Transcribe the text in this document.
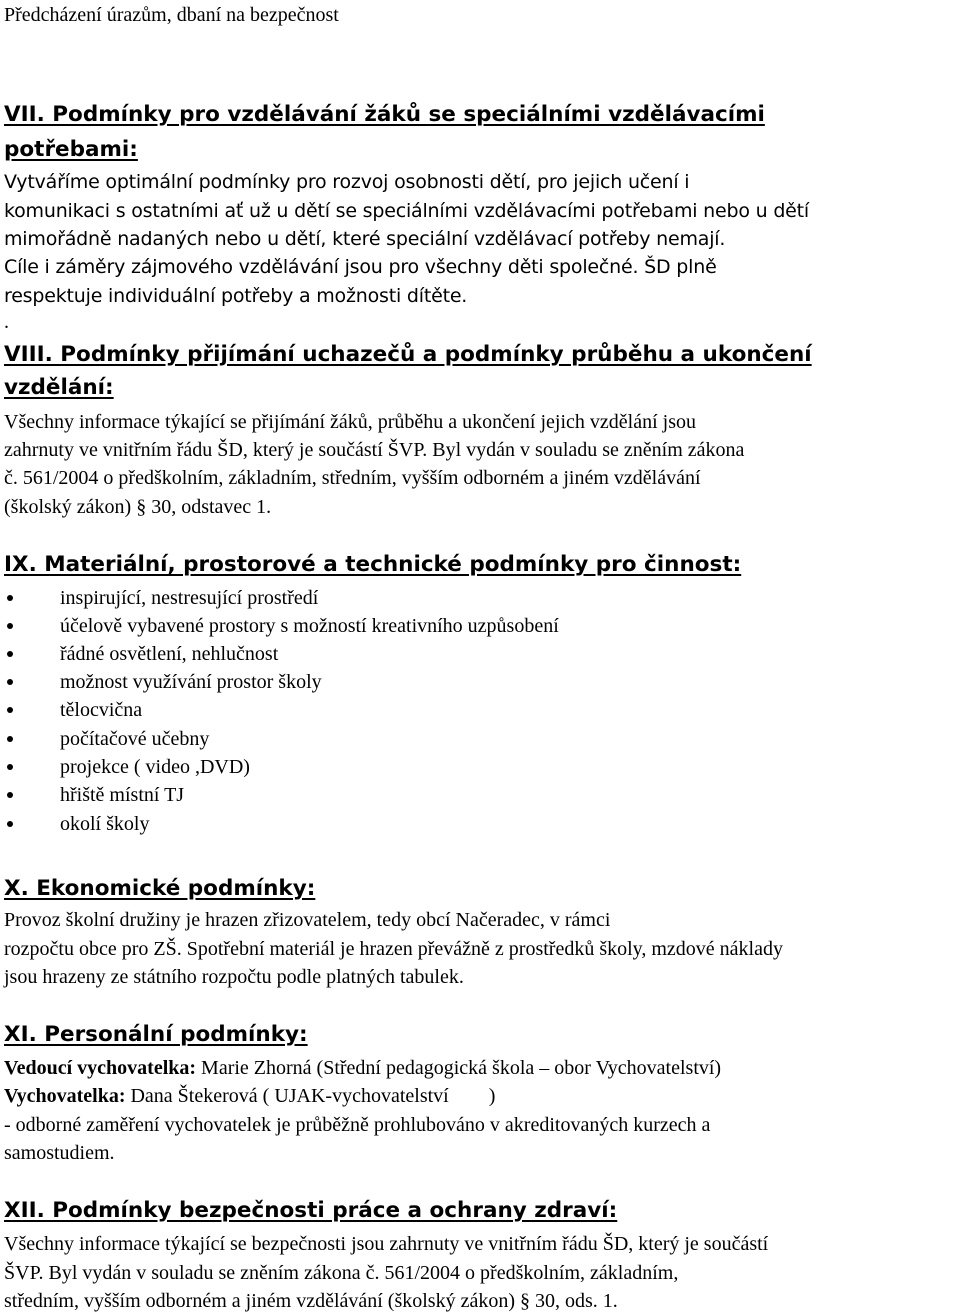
Předcházení úrazům, dbaní na bezpečnost
VII. Podmínky pro vzdělávání žáků se speciálními vzdělávacími
potřebami:
Vytváříme optimální podmínky pro rozvoj osobnosti dětí, pro jejich učení i
komunikaci s ostatními ať už u dětí se speciálními vzdělávacími potřebami nebo u dětí
mimořádně nadaných nebo u dětí, které speciální vzdělávací potřeby nemají.
Cíle i záměry zájmového vzdělávání jsou pro všechny děti společné. ŠD plně
respektuje individuální potřeby a možnosti dítěte.
.
VIII. Podmínky přijímání uchazečů a podmínky průběhu a ukončení
vzdělání:
Všechny informace týkající se přijímání žáků, průběhu a ukončení jejich vzdělání jsou
zahrnuty ve vnitřním řádu ŠD, který je součástí ŠVP. Byl vydán v souladu se zněním zákona
č. 561/2004 o předškolním, základním, středním, vyšším odborném a jiném vzdělávání
(školský zákon) § 30, odstavec 1.
IX. Materiální, prostorové a technické podmínky pro činnost:
inspirující, nestresující prostředí
účelově vybavené prostory s možností kreativního uzpůsobení
řádné osvětlení, nehlučnost
možnost využívání prostor školy
tělocvična
počítačové učebny
projekce ( video ,DVD)
hřiště místní TJ
okolí školy
X. Ekonomické podmínky:
Provoz školní družiny je hrazen zřizovatelem, tedy obcí Načeradec, v rámci
rozpočtu obce pro ZŠ. Spotřební materiál je hrazen převážně z prostředků školy, mzdové náklady
jsou hrazeny ze státního rozpočtu podle platných tabulek.
XI. Personální podmínky:
Vedoucí vychovatelka: Marie Zhorná (Střední pedagogická škola – obor Vychovatelství)
Vychovatelka: Dana Štekerová ( UJAK-vychovatelství        )
- odborné zaměření vychovatelek je průběžně prohlubováno v akreditovaných kurzech a
samostudiem.
XII. Podmínky bezpečnosti práce a ochrany zdraví:
Všechny informace týkající se bezpečnosti jsou zahrnuty ve vnitřním řádu ŠD, který je součástí
ŠVP. Byl vydán v souladu se zněním zákona č. 561/2004 o předškolním, základním,
středním, vyšším odborném a jiném vzdělávání (školský zákon) § 30, ods. 1.
